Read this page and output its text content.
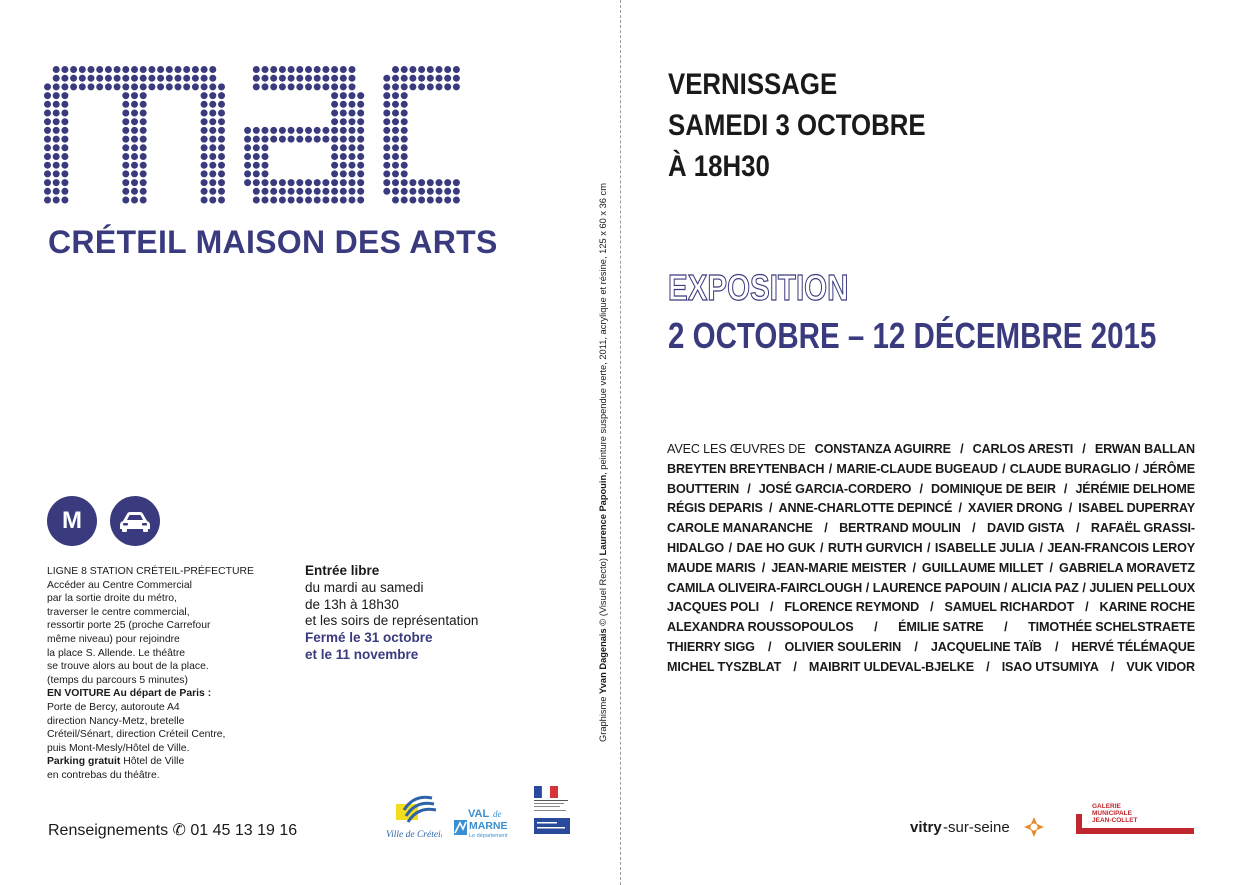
CRÉTEIL MAISON DES ARTS
M
LIGNE 8 STATION CRÉTEIL-PRÉFECTURE
Accéder au Centre Commercial
par la sortie droite du métro,
traverser le centre commercial,
ressortir porte 25 (proche Carrefour
même niveau) pour rejoindre
la place S. Allende. Le théâtre
se trouve alors au bout de la place.
(temps du parcours 5 minutes)
EN VOITURE Au départ de Paris :
Porte de Bercy, autoroute A4
direction Nancy-Metz, bretelle
Créteil/Sénart, direction Créteil Centre,
puis Mont-Mesly/Hôtel de Ville.
Parking gratuit Hôtel de Ville
en contrebas du théâtre.
Entrée libre
du mardi au samedi
de 13h à 18h30
et les soirs de représentation
Fermé le 31 octobre
et le 11 novembre
Renseignements ✆ 01 45 13 19 16	Ville de Créteil
VAL de
MARNE
Le département
Graphisme Yvan Dagenais © (Visuel Recto) Laurence Papouin, peinture suspendue verte, 2011, acrylique et résine, 125 x 60 x 36 cm
VERNISSAGE
SAMEDI 3 OCTOBRE
À 18H30
EXPOSITION
2 OCTOBRE – 12 DÉCEMBRE 2015
AVEC LES ŒUVRES DE CONSTANZA AGUIRRE / CARLOS ARESTI / ERWAN BALLAN
BREYTEN BREYTENBACH / MARIE-CLAUDE BUGEAUD / CLAUDE BURAGLIO / JÉRÔME
BOUTTERIN / JOSÉ GARCIA-CORDERO / DOMINIQUE DE BEIR / JÉRÉMIE DELHOME
RÉGIS DEPARIS / ANNE-CHARLOTTE DEPINCÉ / XAVIER DRONG / ISABEL DUPERRAY
CAROLE MANARANCHE / BERTRAND MOULIN / DAVID GISTA / RAFAËL GRASSI-
HIDALGO / DAE HO GUK / RUTH GURVICH / ISABELLE JULIA / JEAN-FRANCOIS LEROY
MAUDE MARIS / JEAN-MARIE MEISTER / GUILLAUME MILLET / GABRIELA MORAVETZ
CAMILA OLIVEIRA-FAIRCLOUGH / LAURENCE PAPOUIN / ALICIA PAZ / JULIEN PELLOUX
JACQUES POLI / FLORENCE REYMOND / SAMUEL RICHARDOT / KARINE ROCHE
ALEXANDRA ROUSSOPOULOS / ÉMILIE SATRE / TIMOTHÉE SCHELSTRAETE
THIERRY SIGG / OLIVIER SOULERIN / JACQUELINE TAÏB / HERVÉ TÉLÉMAQUE
MICHEL TYSZBLAT / MAIBRIT ULDEVAL-BJELKE / ISAO UTSUMIYA / VUK VIDOR
vitry -sur-seine
GALERIE
MUNICIPALE
JEAN-COLLET
